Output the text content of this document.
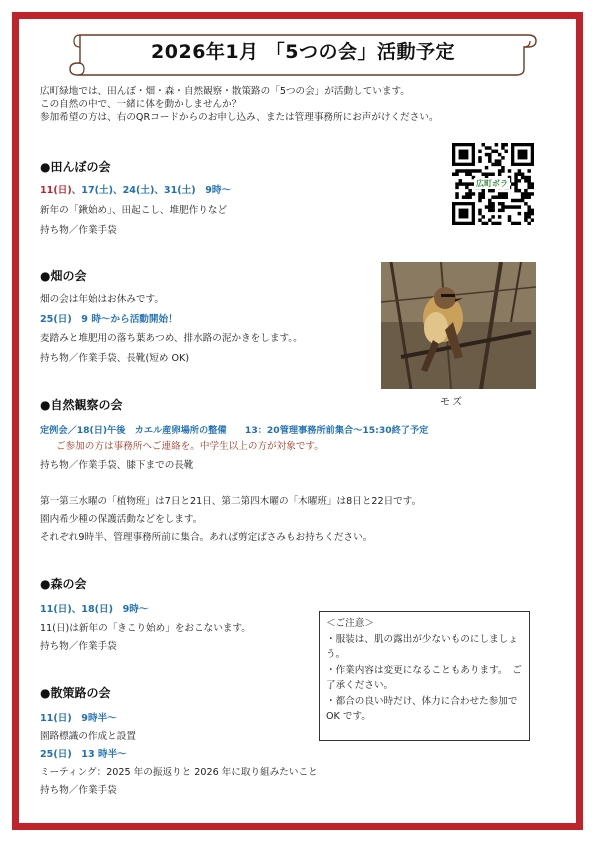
2026年1月 「5つの会」活動予定
広町緑地では、田んぼ・畑・森・自然観察・散策路の「5つの会」が活動しています。
この自然の中で、一緒に体を動かしませんか？
参加希望の方は、右のQRコードからのお申し込み、または管理事務所にお声がけください。
広町ボラ
●田んぼの会
11(日)、17(土)、24(土)、31(土)　9時～
新年の「鍬始め」、田起こし、堆肥作りなど
持ち物／作業手袋
●畑の会
畑の会は年始はお休みです。
25(日)　9 時～から活動開始！
麦踏みと堆肥用の落ち葉あつめ、排水路の泥かきをします。。
持ち物／作業手袋、長靴(短め OK)
モズ
●自然観察の会
定例会／18(日)午後　カエル産卵場所の整備　　13：20管理事務所前集合～15:30終了予定
ご参加の方は事務所へご連絡を。中学生以上の方が対象です。
持ち物／作業手袋、膝下までの長靴
第一第三水曜の「植物班」は7日と21日、第二第四木曜の「木曜班」は8日と22日です。
園内希少種の保護活動などをします。
それぞれ9時半、管理事務所前に集合。あれば剪定ばさみもお持ちください。
●森の会
11(日)、18(日)　9時～
11(日)は新年の「きこり始め」をおこないます。
持ち物／作業手袋
●散策路の会
11(日)　9時半～
園路標識の作成と設置
25(日)　13 時半～
ミーティング：2025 年の振返りと 2026 年に取り組みたいこと
持ち物／作業手袋
＜ご注意＞
・服装は、肌の露出が少ないものにしましょう。
・作業内容は変更になることもあります。　ご了承ください。
・都合の良い時だけ、体力に合わせた参加で OK です。
